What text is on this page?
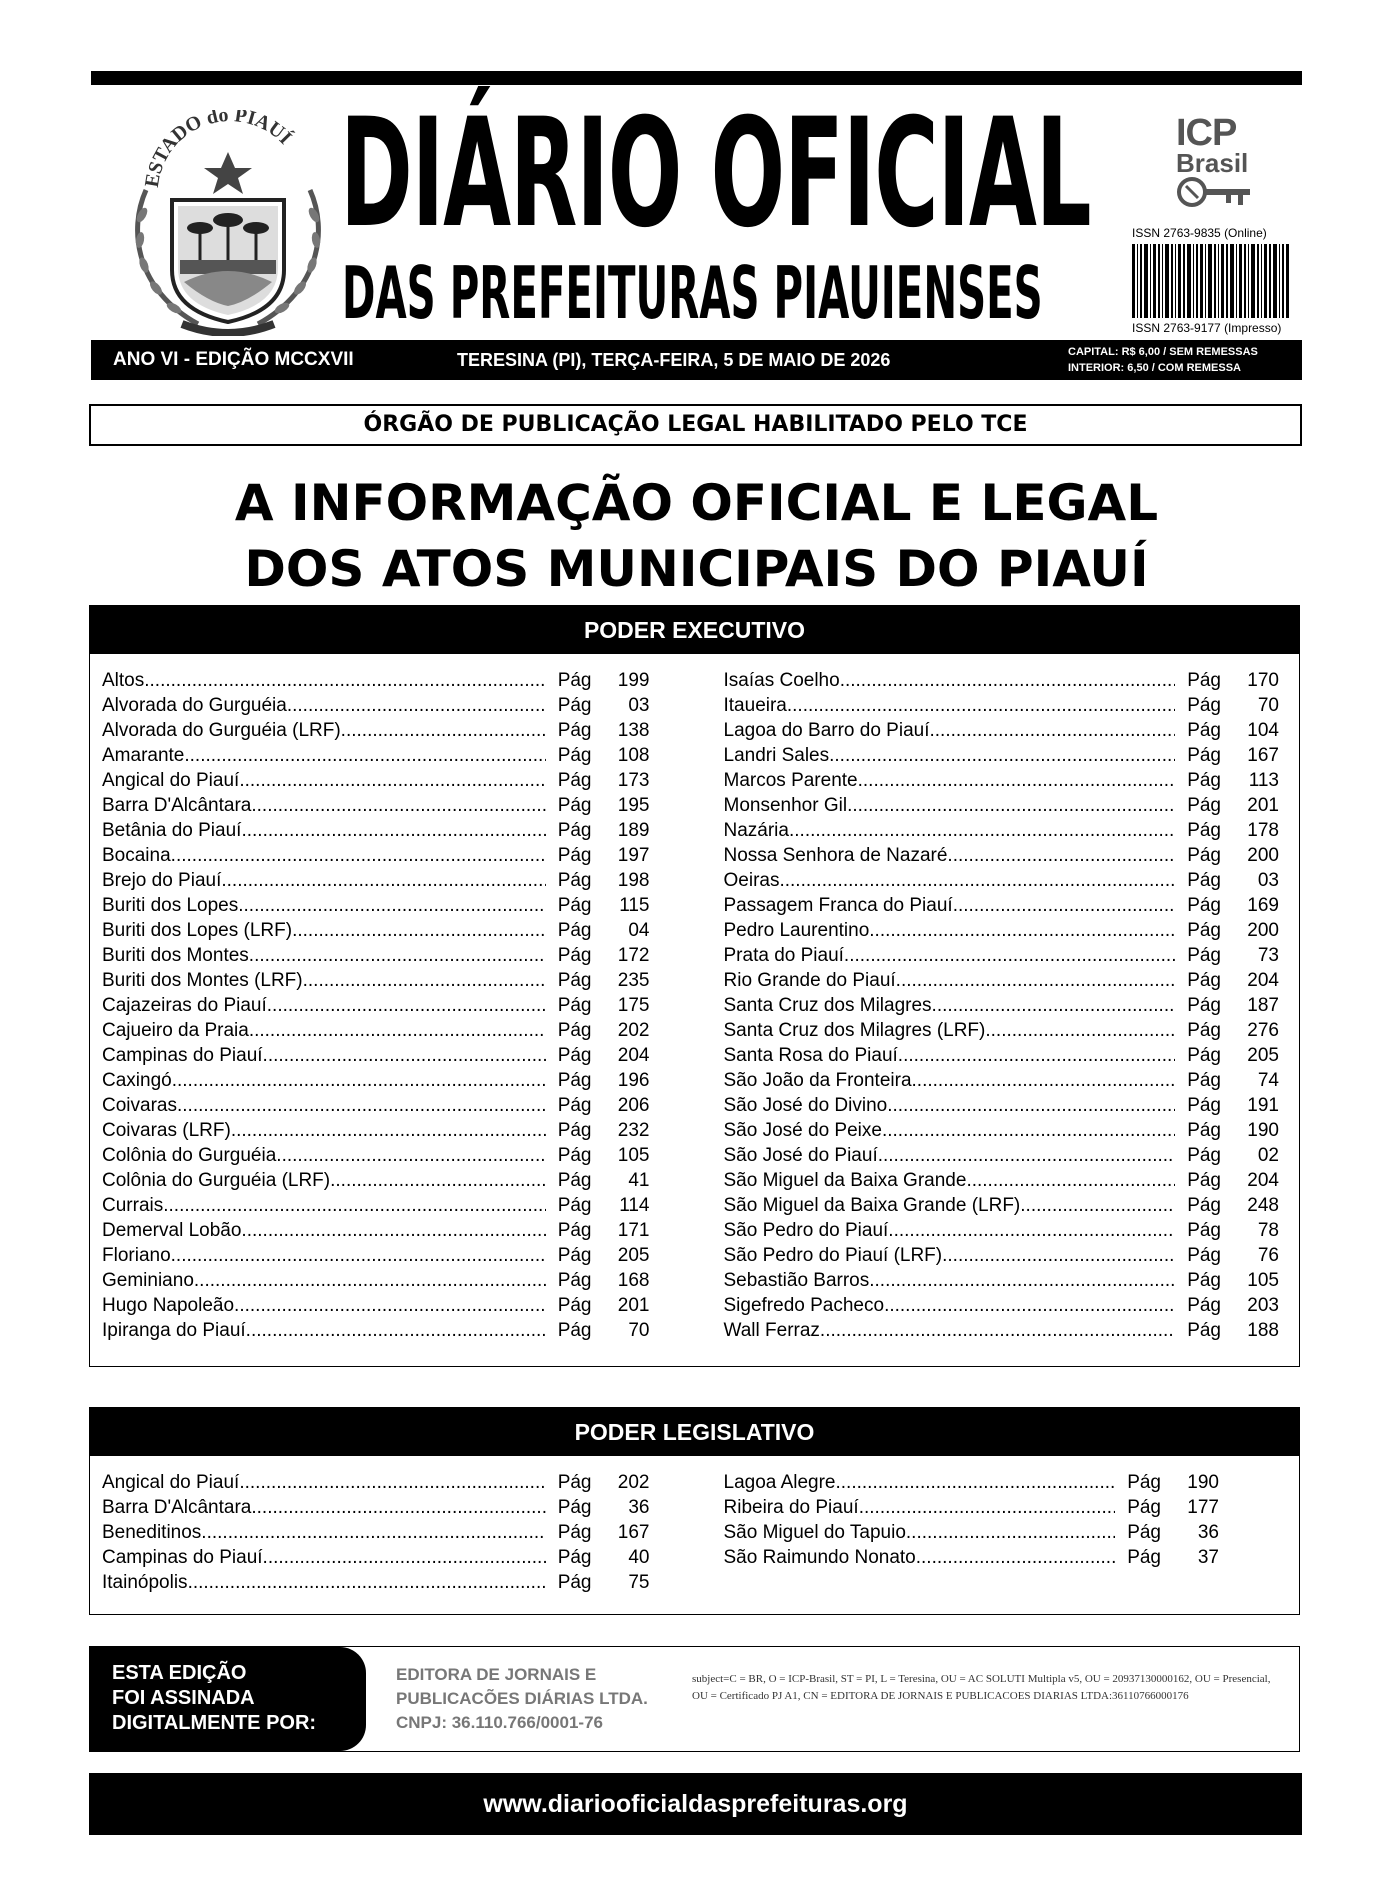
ESTADO do PIAUÍ DIÁRIO OFICIAL
DAS PREFEITURAS PIAUIENSES
ICP
Brasil
ISSN 2763-9835 (Online)
ISSN 2763-9177 (Impresso)
ANO VI - EDIÇÃO MCCXVII	TERESINA (PI), TERÇA-FEIRA, 5 DE MAIO DE 2026	CAPITAL: R$ 6,00 / SEM REMESSAS
INTERIOR: 6,50 / COM REMESSA
ÓRGÃO DE PUBLICAÇÃO LEGAL HABILITADO PELO TCE
A INFORMAÇÃO OFICIAL E LEGAL
DOS ATOS MUNICIPAIS DO PIAUÍ
PODER EXECUTIVO
Altos .....	Pág	199
Alvorada do Gurguéia .....	Pág	03
Alvorada do Gurguéia (LRF) .....	Pág	138
Amarante .....	Pág	108
Angical do Piauí .....	Pág	173
Barra D'Alcântara .....	Pág	195
Betânia do Piauí .....	Pág	189
Bocaina .....	Pág	197
Brejo do Piauí .....	Pág	198
Buriti dos Lopes .....	Pág	115
Buriti dos Lopes (LRF) .....	Pág	04
Buriti dos Montes .....	Pág	172
Buriti dos Montes (LRF) .....	Pág	235
Cajazeiras do Piauí .....	Pág	175
Cajueiro da Praia .....	Pág	202
Campinas do Piauí .....	Pág	204
Caxingó .....	Pág	196
Coivaras .....	Pág	206
Coivaras (LRF) .....	Pág	232
Colônia do Gurguéia .....	Pág	105
Colônia do Gurguéia (LRF) .....	Pág	41
Currais .....	Pág	114
Demerval Lobão .....	Pág	171
Floriano .....	Pág	205
Geminiano .....	Pág	168
Hugo Napoleão .....	Pág	201
Ipiranga do Piauí .....	Pág	70
Isaías Coelho .....	Pág	170
Itaueira .....	Pág	70
Lagoa do Barro do Piauí .....	Pág	104
Landri Sales .....	Pág	167
Marcos Parente .....	Pág	113
Monsenhor Gil .....	Pág	201
Nazária .....	Pág	178
Nossa Senhora de Nazaré .....	Pág	200
Oeiras .....	Pág	03
Passagem Franca do Piauí .....	Pág	169
Pedro Laurentino .....	Pág	200
Prata do Piauí .....	Pág	73
Rio Grande do Piauí .....	Pág	204
Santa Cruz dos Milagres .....	Pág	187
Santa Cruz dos Milagres (LRF) .....	Pág	276
Santa Rosa do Piauí .....	Pág	205
São João da Fronteira .....	Pág	74
São José do Divino .....	Pág	191
São José do Peixe .....	Pág	190
São José do Piauí .....	Pág	02
São Miguel da Baixa Grande .....	Pág	204
São Miguel da Baixa Grande (LRF) .....	Pág	248
São Pedro do Piauí .....	Pág	78
São Pedro do Piauí (LRF) .....	Pág	76
Sebastião Barros .....	Pág	105
Sigefredo Pacheco .....	Pág	203
Wall Ferraz .....	Pág	188
PODER LEGISLATIVO
Angical do Piauí .....	Pág	202
Barra D'Alcântara .....	Pág	36
Beneditinos .....	Pág	167
Campinas do Piauí .....	Pág	40
Itainópolis .....	Pág	75
Lagoa Alegre .....	Pág	190
Ribeira do Piauí .....	Pág	177
São Miguel do Tapuio .....	Pág	36
São Raimundo Nonato .....	Pág	37
ESTA EDIÇÃO
FOI ASSINADA
DIGITALMENTE POR:
EDITORA DE JORNAIS E
PUBLICACÕES DIÁRIAS LTDA.
CNPJ: 36.110.766/0001-76
subject=C = BR, O = ICP-Brasil, ST = PI, L = Teresina, OU = AC SOLUTI Multipla v5, OU = 20937130000162, OU = Presencial, OU = Certificado PJ A1, CN = EDITORA DE JORNAIS E PUBLICACOES DIARIAS LTDA:36110766000176
www.diariooficialdasprefeituras.org
